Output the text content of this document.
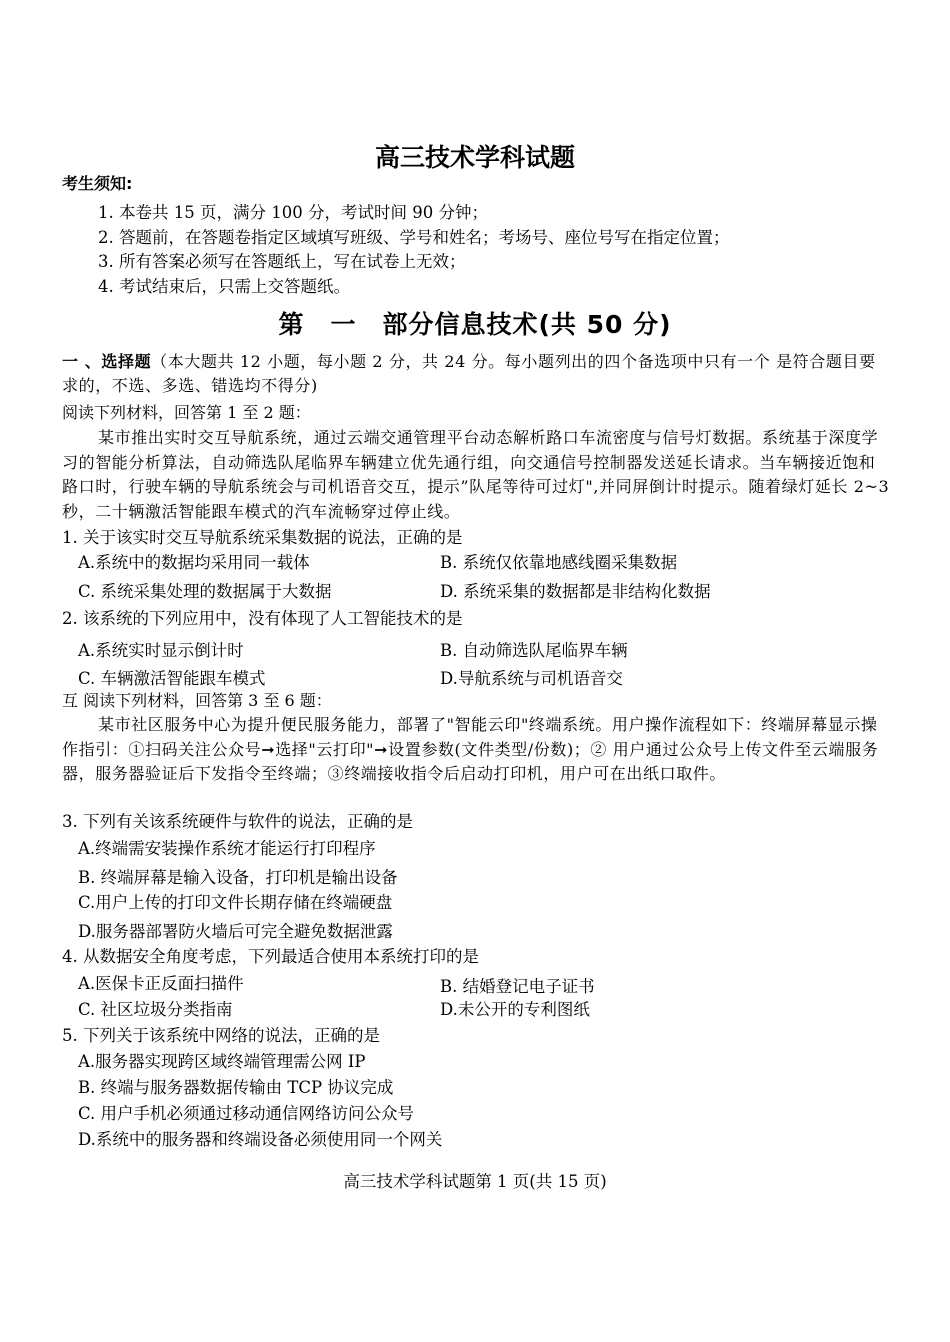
高三技术学科试题
考生须知:
1. 本卷共 15 页，满分 100 分，考试时间 90 分钟；
2. 答题前，在答题卷指定区域填写班级、学号和姓名；考场号、座位号写在指定位置；
3. 所有答案必须写在答题纸上，写在试卷上无效；
4. 考试结束后，只需上交答题纸。
第　一　部分信息技术(共 50 分)
一 、选择题（本大题共 12 小题，每小题 2 分，共 24 分。每小题列出的四个备选项中只有一个 是符合题目要求的，不选、多选、错选均不得分)
阅读下列材料，回答第 1 至 2 题：
某市推出实时交互导航系统，通过云端交通管理平台动态解析路口车流密度与信号灯数据。系统基于深度学习的智能分析算法，自动筛选队尾临界车辆建立优先通行组，向交通信号控制器发送延长请求。当车辆接近饱和路口时，行驶车辆的导航系统会与司机语音交互，提示”队尾等待可过灯",并同屏倒计时提示。随着绿灯延长 2~3 秒，二十辆激活智能跟车模式的汽车流畅穿过停止线。
1. 关于该实时交互导航系统采集数据的说法，正确的是
A.系统中的数据均采用同一载体	B. 系统仅依靠地感线圈采集数据
C. 系统采集处理的数据属于大数据	D. 系统采集的数据都是非结构化数据
2. 该系统的下列应用中，没有体现了人工智能技术的是
A.系统实时显示倒计时	B. 自动筛选队尾临界车辆
C. 车辆激活智能跟车模式	D.导航系统与司机语音交
互 阅读下列材料，回答第 3 至 6 题：
某市社区服务中心为提升便民服务能力，部署了"智能云印"终端系统。用户操作流程如下：终端屏幕显示操作指引：①扫码关注公众号➞选择"云打印"➞设置参数(文件类型/份数)；② 用户通过公众号上传文件至云端服务器，服务器验证后下发指令至终端；③终端接收指令后启动打印机，用户可在出纸口取件。
3. 下列有关该系统硬件与软件的说法，正确的是
A.终端需安装操作系统才能运行打印程序
B. 终端屏幕是输入设备，打印机是输出设备
C.用户上传的打印文件长期存储在终端硬盘
D.服务器部署防火墙后可完全避免数据泄露
4. 从数据安全角度考虑，下列最适合使用本系统打印的是
A.医保卡正反面扫描件	B. 结婚登记电子证书
C. 社区垃圾分类指南	D.未公开的专利图纸
5. 下列关于该系统中网络的说法，正确的是
A.服务器实现跨区域终端管理需公网 IP
B. 终端与服务器数据传输由 TCP 协议完成
C. 用户手机必须通过移动通信网络访问公众号
D.系统中的服务器和终端设备必须使用同一个网关
高三技术学科试题第 1 页(共 15 页)
